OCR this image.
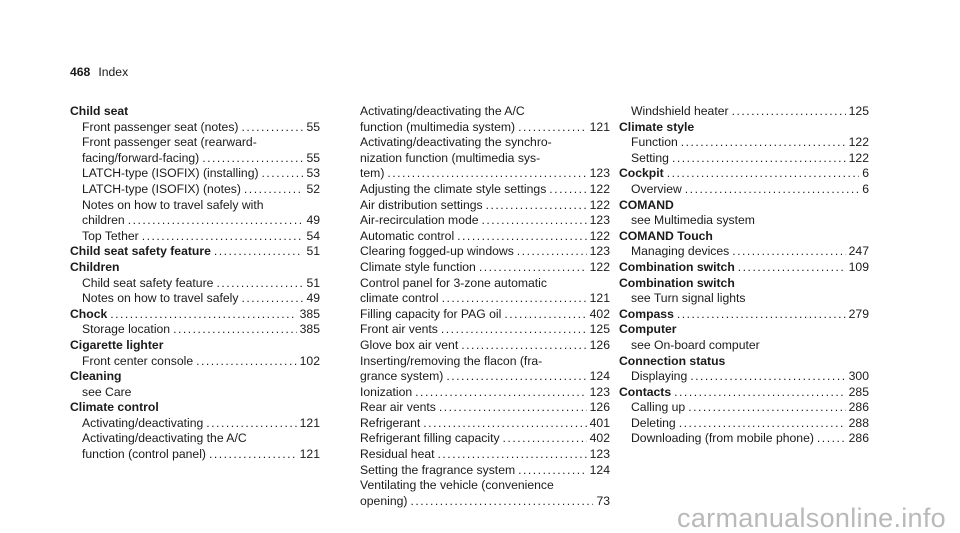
468 Index
Child seat
Front passenger seat (notes) .....	55
Front passenger seat (rearward-
facing/forward-facing) .....	55
LATCH-type (ISOFIX) (installing) .....	53
LATCH-type (ISOFIX) (notes) .....	52
Notes on how to travel safely with
children .....	49
Top Tether .....	54
Child seat safety feature .....	51
Children
Child seat safety feature .....	51
Notes on how to travel safely .....	49
Chock .....	385
Storage location .....	385
Cigarette lighter
Front center console .....	102
Cleaning
see Care
Climate control
Activating/deactivating .....	121
Activating/deactivating the A/C
function (control panel) .....	121
Activating/deactivating the A/C
function (multimedia system) .....	121
Activating/deactivating the synchro-
nization function (multimedia sys-
tem) .....	123
Adjusting the climate style settings .....	122
Air distribution settings .....	122
Air-recirculation mode .....	123
Automatic control .....	122
Clearing fogged-up windows .....	123
Climate style function .....	122
Control panel for 3-zone automatic
climate control .....	121
Filling capacity for PAG oil .....	402
Front air vents .....	125
Glove box air vent .....	126
Inserting/removing the flacon (fra-
grance system) .....	124
Ionization .....	123
Rear air vents .....	126
Refrigerant .....	401
Refrigerant filling capacity .....	402
Residual heat .....	123
Setting the fragrance system .....	124
Ventilating the vehicle (convenience
opening) .....	73
Windshield heater .....	125
Climate style
Function .....	122
Setting .....	122
Cockpit .....	6
Overview .....	6
COMAND
see Multimedia system
COMAND Touch
Managing devices .....	247
Combination switch .....	109
Combination switch
see Turn signal lights
Compass .....	279
Computer
see On-board computer
Connection status
Displaying .....	300
Contacts .....	285
Calling up .....	286
Deleting .....	288
Downloading (from mobile phone) .....	286
carmanualsonline.info
